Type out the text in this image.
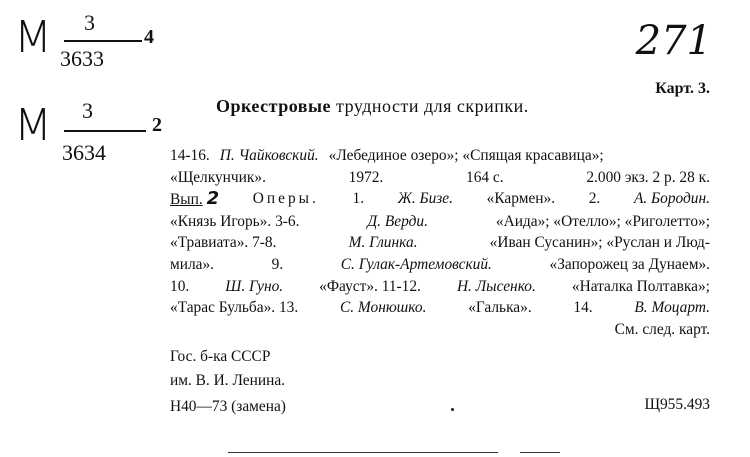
М 3
3633
4
М 3
3634
2
271
Карт. 3.
Оркестровые трудности для скрипки.
14-16. П. Чайковский. «Лебединое озеро»; «Спящая красавица»;
«Щелкунчик».	1972.	164 с.	2.000 экз. 2 р. 28 к.
Вып. 2 Оперы. 1. Ж. Бизе. «Кармен». 2. А. Бородин.
«Князь Игорь». 3-6.	Д. Верди.	«Аида»; «Отелло»; «Риголетто»;
«Травиата». 7-8.	М. Глинка.	«Иван Сусанин»; «Руслан и Люд-
мила».	9.	С. Гулак-Артемовский.	«Запорожец за Дунаем».
10. Ш. Гуно. «Фауст». 11-12. Н. Лысенко. «Наталка Полтавка»;
«Тарас Бульба». 13.	С. Монюшко.	«Галька».	14.	В. Моцарт.
См. след. карт.
Гос. б-ка СССР
им. В. И. Ленина.
Н40—73 (замена)	Щ955.493
